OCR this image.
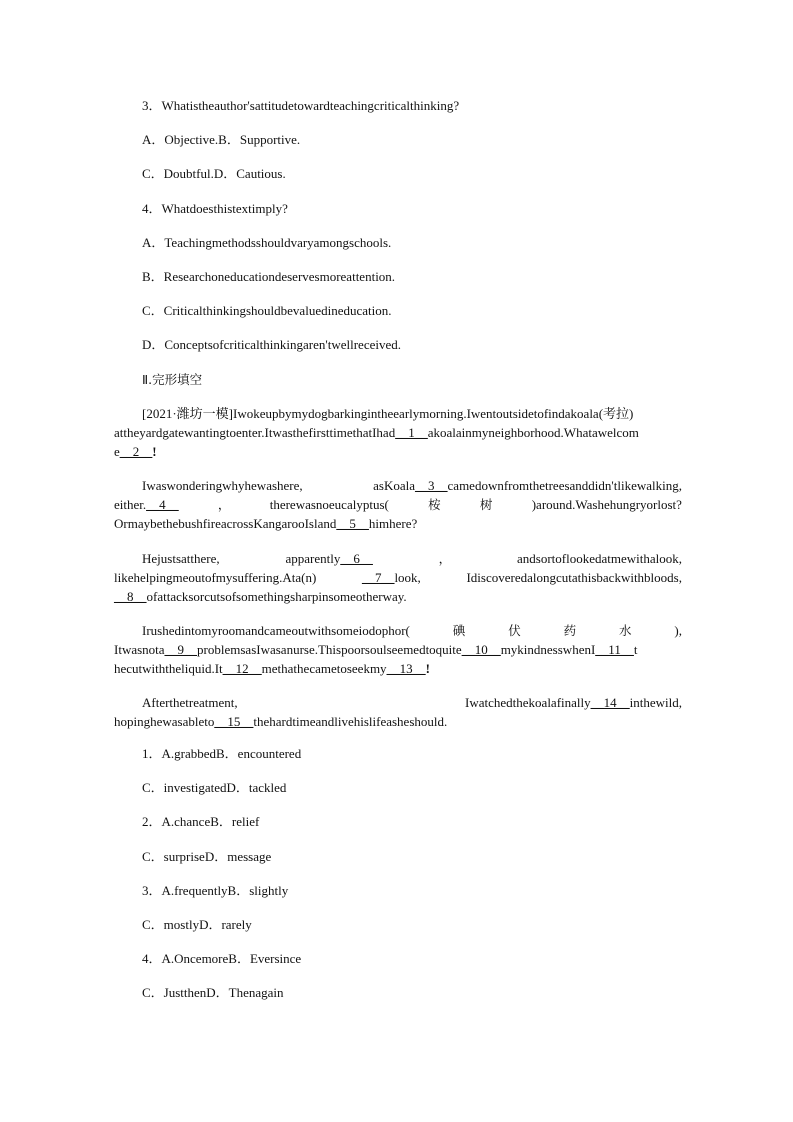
3．Whatistheauthor'sattitudetowardteachingcriticalthinking?
A．Objective.B．Supportive.
C．Doubtful.D．Cautious.
4．Whatdoesthistextimply?
A．Teachingmethodsshouldvaryamongschools.
B．Researchoneducationdeservesmoreattention.
C．Criticalthinkingshouldbevaluedineducation.
D．Conceptsofcriticalthinkingaren'twellreceived.
Ⅱ.完形填空
[2021·潍坊一模]Iwokeupbymydogbarkingintheearlymorning.Iwentoutsidetofindakoala(考拉)
attheyardgatewantingtoenter.ItwasthefirsttimethatIhad__1__akoalainmyneighborhood.Whatawelcom
e__2__!
Iwaswonderingwhyhewashere,	asKoala__3__camedownfromthetreesanddidn'tlikewalking,
either.__4__	，	therewasnoeucalyptus(	桉	树	)around.Washehungryorlost?
OrmaybethebushfireacrossKangarooIsland__5__himhere?
Hejustsatthere,	apparently__6__	，	andsortoflookedatmewithalook,
likehelpingmeoutofmysuffering.Ata(n)	__7__look,	Idiscoveredalongcutathisbackwithbloods,
__8__ofattacksorcutsofsomethingsharpinsomeotherway.
Irushedintomyroomandcameoutwithsomeiodophor(	碘	伏	药	水	),
Itwasnota__9__problemsasIwasanurse.Thispoorsoulseemedtoquite__10__mykindnesswhenI__11__t
hecutwiththeliquid.It__12__methathecametoseekmy__13__!
Afterthetreatment,	Iwatchedthekoalafinally__14__inthewild,
hopinghewasableto__15__thehardtimeandlivehislifeasheshould.
1．A.grabbedB．encountered
C．investigatedD．tackled
2．A.chanceB．relief
C．surpriseD．message
3．A.frequentlyB．slightly
C．mostlyD．rarely
4．A.OncemoreB．Eversince
C．JustthenD．Thenagain
